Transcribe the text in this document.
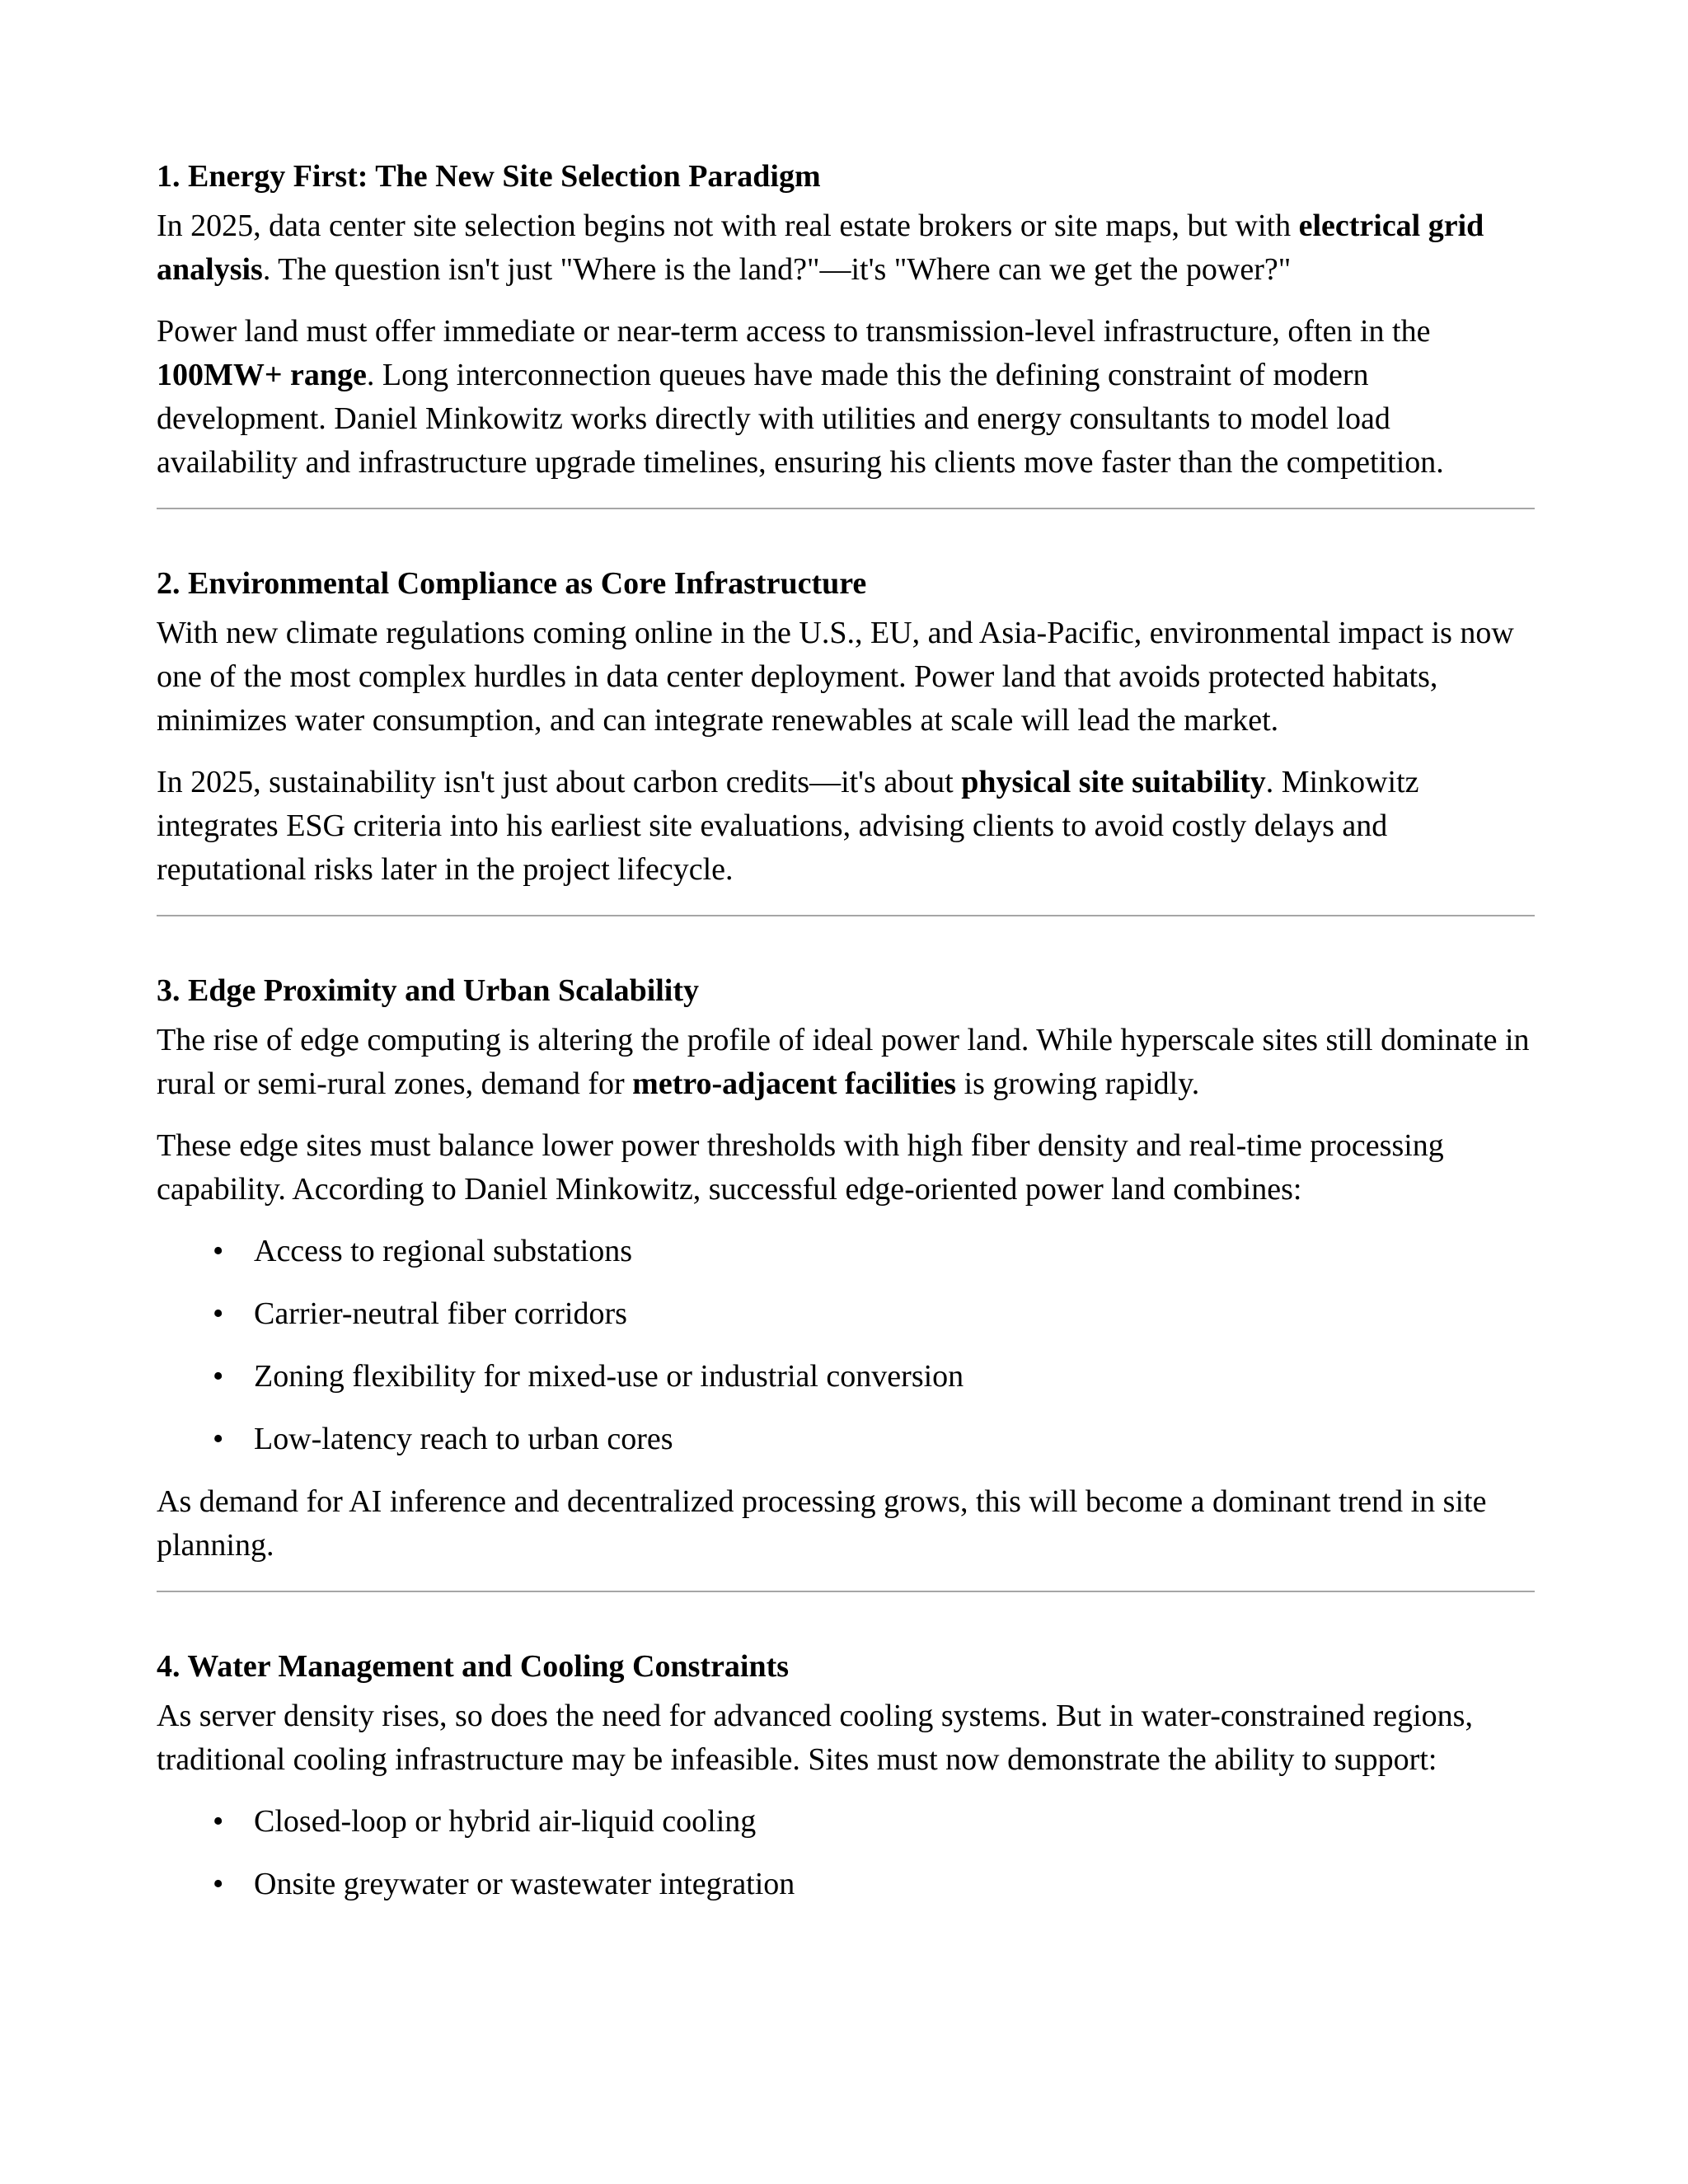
1. Energy First: The New Site Selection Paradigm

In 2025, data center site selection begins not with real estate brokers or site maps, but with electrical grid analysis. The question isn't just "Where is the land?"—it's "Where can we get the power?"

Power land must offer immediate or near-term access to transmission-level infrastructure, often in the 100MW+ range. Long interconnection queues have made this the defining constraint of modern development. Daniel Minkowitz works directly with utilities and energy consultants to model load availability and infrastructure upgrade timelines, ensuring his clients move faster than the competition.

2. Environmental Compliance as Core Infrastructure

With new climate regulations coming online in the U.S., EU, and Asia-Pacific, environmental impact is now one of the most complex hurdles in data center deployment. Power land that avoids protected habitats, minimizes water consumption, and can integrate renewables at scale will lead the market.

In 2025, sustainability isn't just about carbon credits—it's about physical site suitability. Minkowitz integrates ESG criteria into his earliest site evaluations, advising clients to avoid costly delays and reputational risks later in the project lifecycle.

3. Edge Proximity and Urban Scalability

The rise of edge computing is altering the profile of ideal power land. While hyperscale sites still dominate in rural or semi-rural zones, demand for metro-adjacent facilities is growing rapidly.

These edge sites must balance lower power thresholds with high fiber density and real-time processing capability. According to Daniel Minkowitz, successful edge-oriented power land combines:

• Access to regional substations
• Carrier-neutral fiber corridors
• Zoning flexibility for mixed-use or industrial conversion
• Low-latency reach to urban cores

As demand for AI inference and decentralized processing grows, this will become a dominant trend in site planning.

4. Water Management and Cooling Constraints

As server density rises, so does the need for advanced cooling systems. But in water-constrained regions, traditional cooling infrastructure may be infeasible. Sites must now demonstrate the ability to support:

• Closed-loop or hybrid air-liquid cooling
• Onsite greywater or wastewater integration
